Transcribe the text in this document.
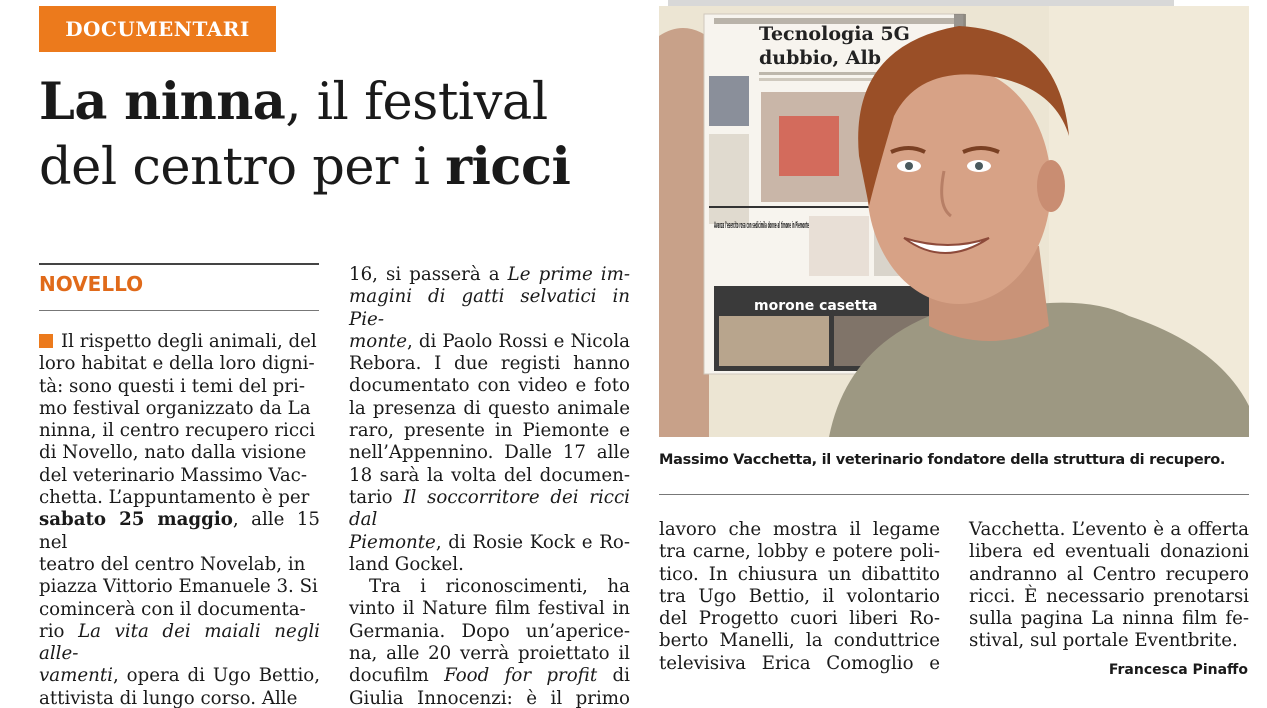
DOCUMENTARI
La ninna, il festival
del centro per i ricci
NOVELLO

Il rispetto degli animali, del

loro habitat e della loro digni-

tà: sono questi i temi del pri-

mo festival organizzato da La

ninna, il centro recupero ricci

di Novello, nato dalla visione

del veterinario Massimo Vac-

chetta. L’appuntamento è per

sabato 25 maggio, alle 15 nel

teatro del centro Novelab, in

piazza Vittorio Emanuele 3. Si

comincerà con il documenta-

rio La vita dei maiali negli alle-

vamenti, opera di Ugo Bettio,

attivista di lungo corso. Alle

16, si passerà a Le prime im-

magini di gatti selvatici in Pie-

monte, di Paolo Rossi e Nicola

Rebora. I due registi hanno

documentato con video e foto

la presenza di questo animale

raro, presente in Piemonte e

nell’Appennino. Dalle 17 alle

18 sarà la volta del documen-

tario Il soccorritore dei ricci dal

Piemonte, di Rosie Kock e Ro-

land Gockel.

Tra i riconoscimenti, ha

vinto il Nature film festival in

Germania. Dopo un’aperice-

na, alle 20 verrà proiettato il

docufilm Food for profit di

Giulia Innocenzi: è il primo

Tecnologia 5G
dubbio, Alb
Avanza l’esercito rosa con sedicimila donne al timone in Piemonte
morone casetta
Massimo Vacchetta, il veterinario fondatore della struttura di recupero.

lavoro che mostra il legame

tra carne, lobby e potere poli-

tico. In chiusura un dibattito

tra Ugo Bettio, il volontario

del Progetto cuori liberi Ro-

berto Manelli, la conduttrice

televisiva Erica Comoglio e

Vacchetta. L’evento è a offerta

libera ed eventuali donazioni

andranno al Centro recupero

ricci. È necessario prenotarsi

sulla pagina La ninna film fe-

stival, sul portale Eventbrite.

Francesca Pinaffo
